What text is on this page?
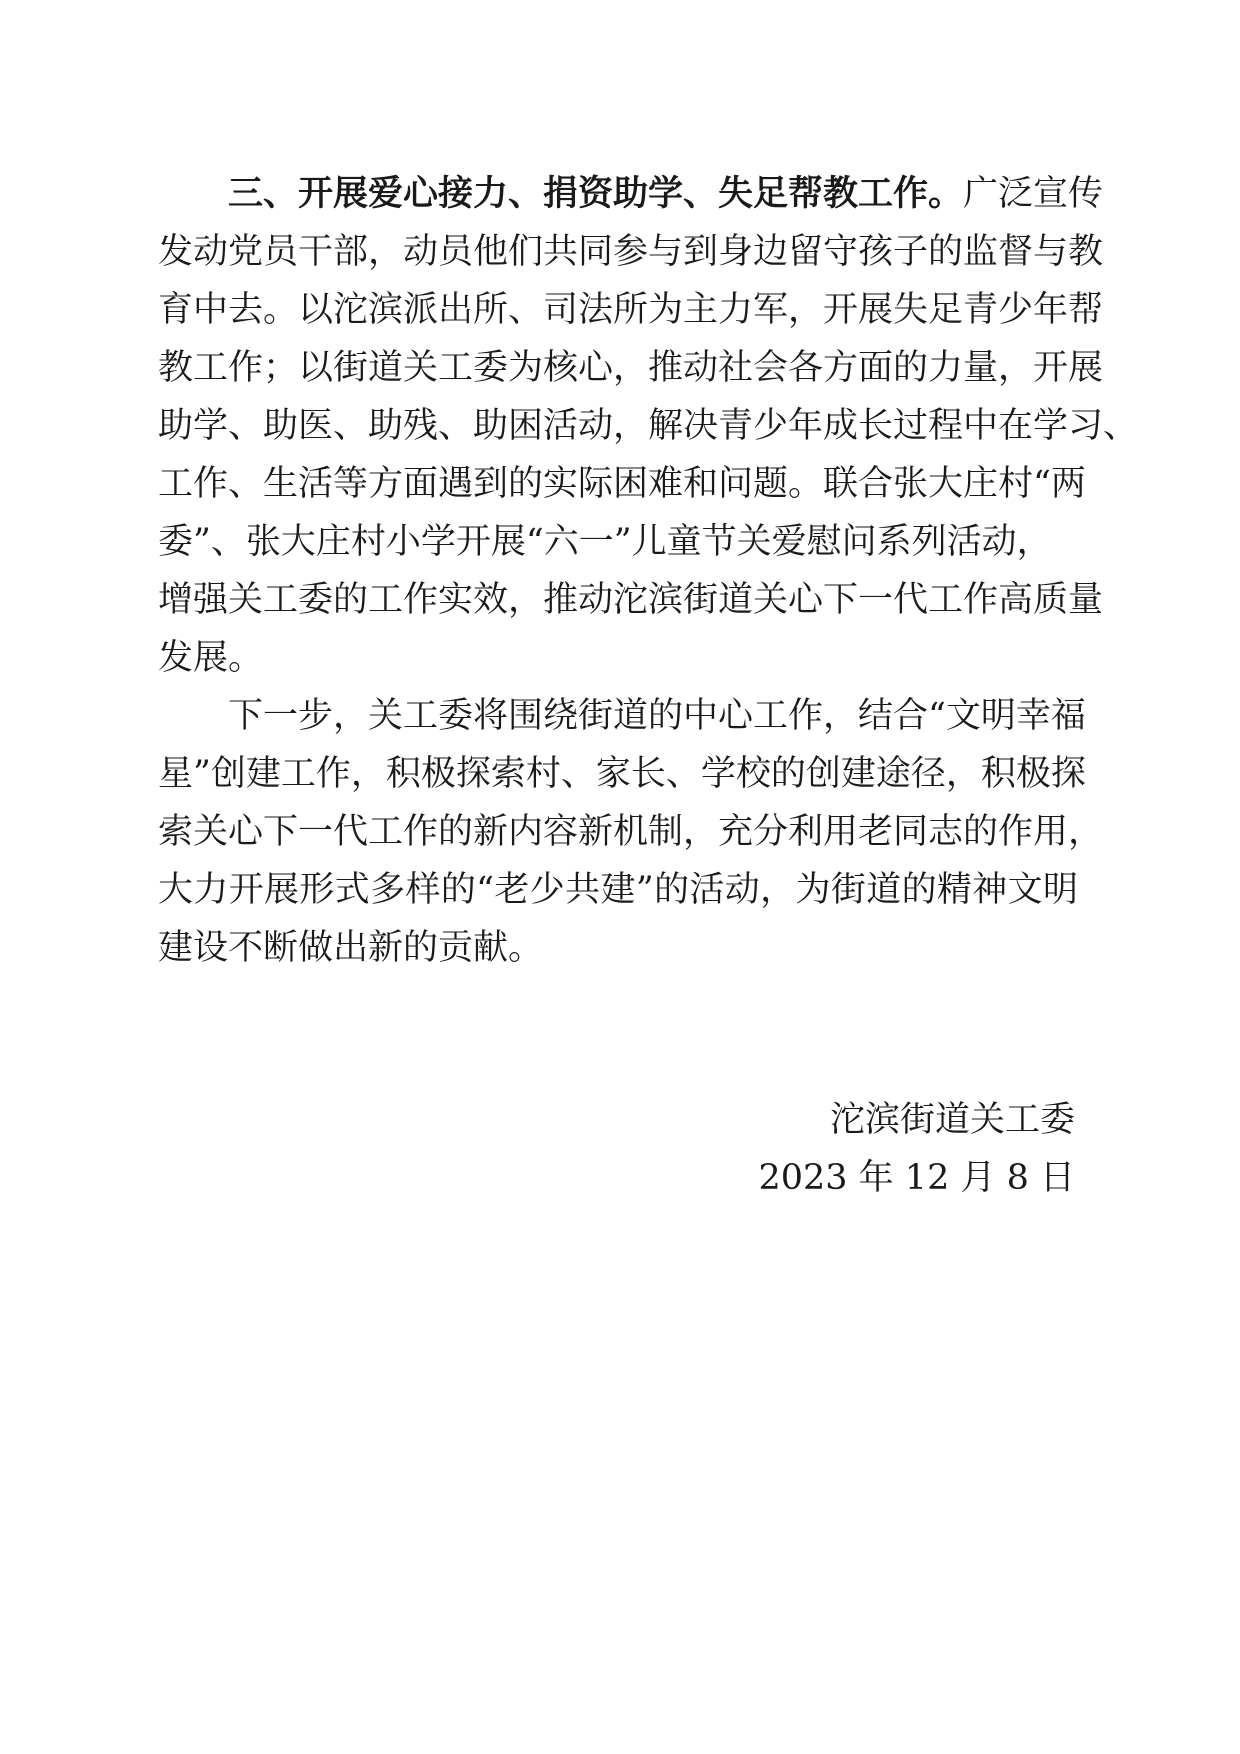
三、开展爱心接力、捐资助学、失足帮教工作。广泛宣传
发动党员干部，动员他们共同参与到身边留守孩子的监督与教
育中去。以沱滨派出所、司法所为主力军，开展失足青少年帮
教工作；以街道关工委为核心，推动社会各方面的力量，开展
助学、助医、助残、助困活动，解决青少年成长过程中在学习、
工作、生活等方面遇到的实际困难和问题。联合张大庄村“两
委”、张大庄村小学开展“六一”儿童节关爱慰问系列活动，
增强关工委的工作实效，推动沱滨街道关心下一代工作高质量
发展。
下一步，关工委将围绕街道的中心工作，结合“文明幸福
星”创建工作，积极探索村、家长、学校的创建途径，积极探
索关心下一代工作的新内容新机制，充分利用老同志的作用，
大力开展形式多样的“老少共建”的活动，为街道的精神文明
建设不断做出新的贡献。
沱滨街道关工委
2023 年 12 月 8 日
